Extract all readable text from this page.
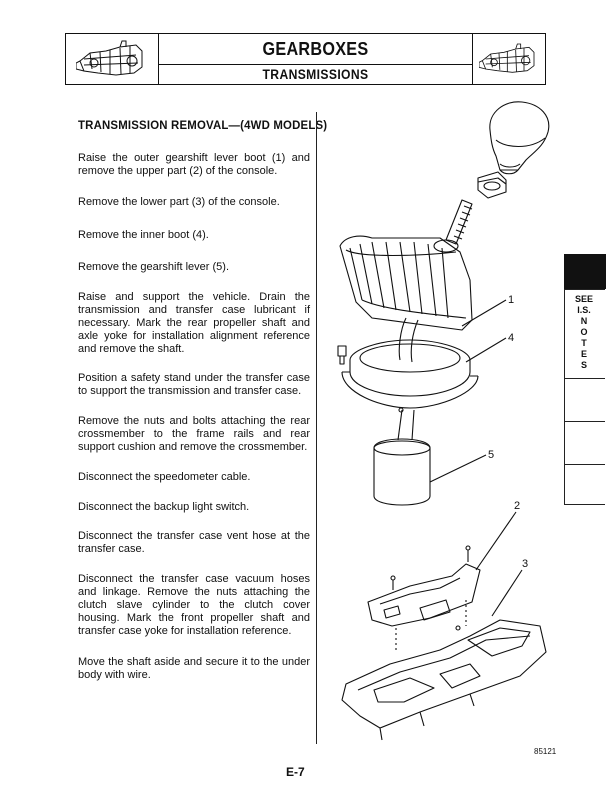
GEARBOXES
TRANSMISSIONS
TRANSMISSION REMOVAL—(4WD MODELS)
Raise the outer gearshift lever boot (1) and remove the upper part (2) of the console.
Remove the lower part (3) of the console.
Remove the inner boot (4).
Remove the gearshift lever (5).
Raise and support the vehicle. Drain the transmission and transfer case lubricant if necessary. Mark the rear propeller shaft and axle yoke for installation alignment reference and remove the shaft.
Position a safety stand under the transfer case to support the transmission and transfer case.
Remove the nuts and bolts attaching the rear crossmember to the frame rails and rear support cushion and remove the crossmember.
Disconnect the speedometer cable.
Disconnect the backup light switch.
Disconnect the transfer case vent hose at the transfer case.
Disconnect the transfer case vacuum hoses and linkage. Remove the nuts attaching the clutch slave cylinder to the clutch cover housing. Mark the front propeller shaft and transfer case yoke for installation reference.
Move the shaft aside and secure it to the under body with wire.
1
4
5
2
3
SEE
I.S.
N
O
T
E
S
85121
E-7
